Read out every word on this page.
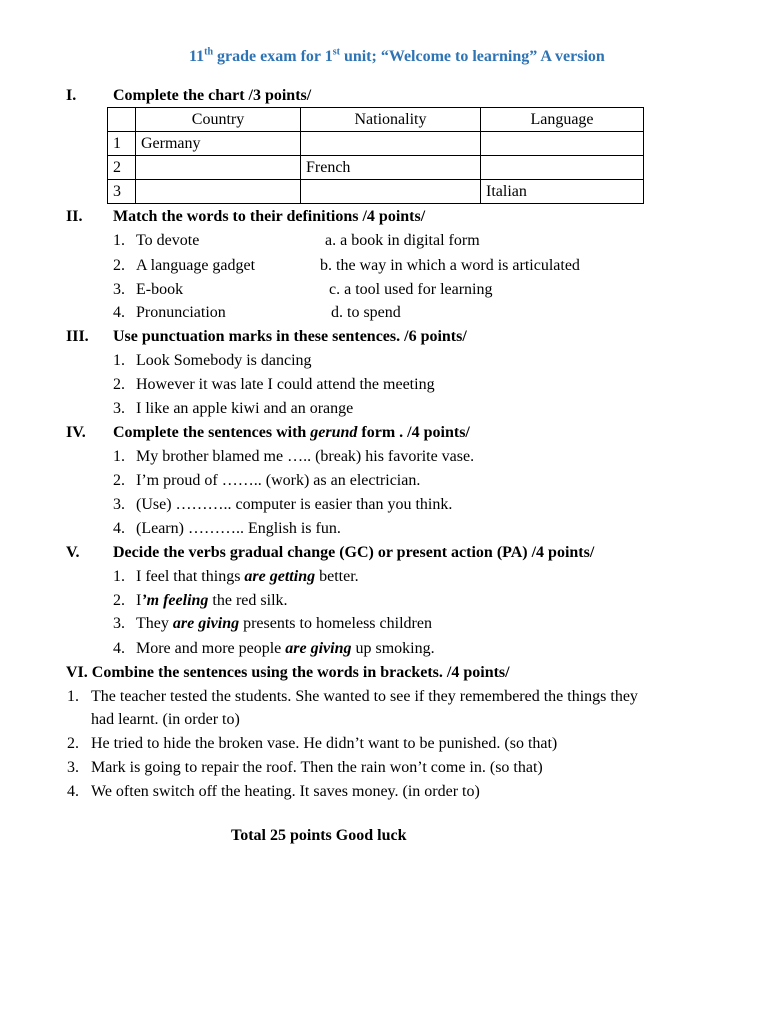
11th grade exam for 1st unit; “Welcome to learning” A version
I. Complete the chart /3 points/
	Country	Nationality	Language
1	Germany		
2		French	
3			Italian
II. Match the words to their definitions /4 points/
1. To devote	a. a book in digital form
2. A language gadget	b. the way in which a word is articulated
3. E-book	c. a tool used for learning
4. Pronunciation	d. to spend
III. Use punctuation marks in these sentences. /6 points/
1. Look Somebody is dancing
2. However it was late I could attend the meeting
3. I like an apple kiwi and an orange
IV. Complete the sentences with gerund form . /4 points/
1. My brother blamed me ….. (break) his favorite vase.
2. I’m proud of …….. (work) as an electrician.
3. (Use) ……….. computer is easier than you think.
4. (Learn) ……….. English is fun.
V. Decide the verbs gradual change (GC) or present action (PA) /4 points/
1. I feel that things are getting better.
2. I’m feeling the red silk.
3. They are giving presents to homeless children
4. More and more people are giving up smoking.
VI. Combine the sentences using the words in brackets. /4 points/
1. The teacher tested the students. She wanted to see if they remembered the things they
had learnt. (in order to)
2. He tried to hide the broken vase. He didn’t want to be punished. (so that)
3. Mark is going to repair the roof. Then the rain won’t come in. (so that)
4. We often switch off the heating. It saves money. (in order to)
Total 25 points Good luck
